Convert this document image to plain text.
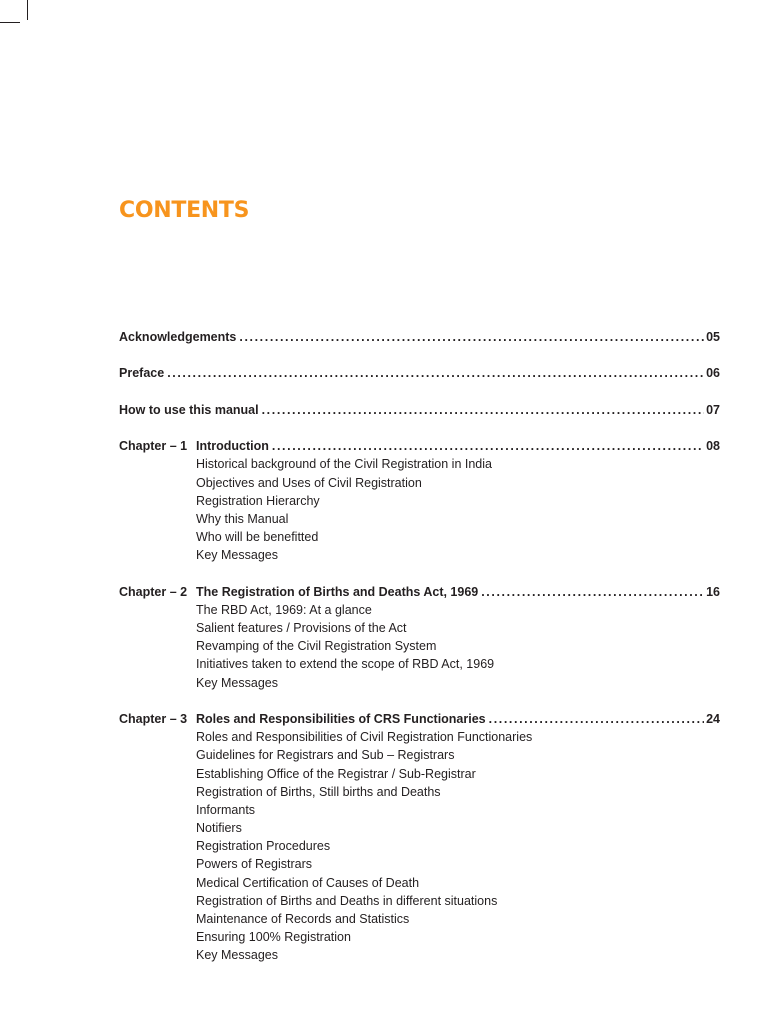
CONTENTS
Acknowledgements .....	05
Preface .....	06
How to use this manual .....	07
Chapter – 1 Introduction .....	08
Historical background of the Civil Registration in India
Objectives and Uses of Civil Registration
Registration Hierarchy
Why this Manual
Who will be benefitted
Key Messages
Chapter – 2 The Registration of Births and Deaths Act, 1969 .....	16
The RBD Act, 1969: At a glance
Salient features / Provisions of the Act
Revamping of the Civil Registration System
Initiatives taken to extend the scope of RBD Act, 1969
Key Messages
Chapter – 3 Roles and Responsibilities of CRS Functionaries .....	24
Roles and Responsibilities of Civil Registration Functionaries
Guidelines for Registrars and Sub – Registrars
Establishing Office of the Registrar / Sub-Registrar
Registration of Births, Still births and Deaths
Informants
Notifiers
Registration Procedures
Powers of Registrars
Medical Certification of Causes of Death
Registration of Births and Deaths in different situations
Maintenance of Records and Statistics
Ensuring 100% Registration
Key Messages
